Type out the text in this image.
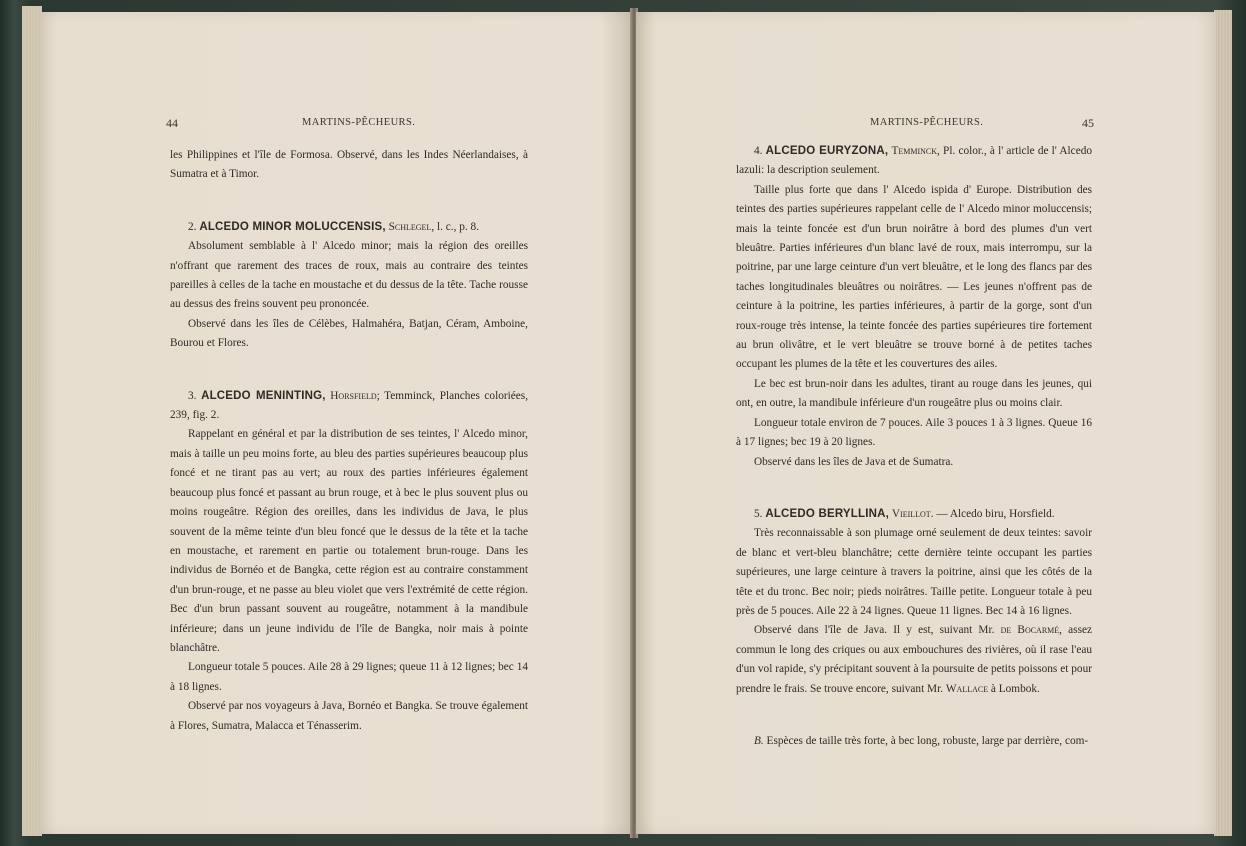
44	MARTINS-PÊCHEURS.

les Philippines et l'île de Formosa. Observé, dans les Indes Néerlandaises, à Sumatra et à Timor.

2. ALCEDO MINOR MOLUCCENSIS, Schlegel, l. c., p. 8.

Absolument semblable à l' Alcedo minor; mais la région des oreilles n'offrant que rarement des traces de roux, mais au contraire des teintes pareilles à celles de la tache en moustache et du dessus de la tête. Tache rousse au dessus des freins souvent peu prononcée.

Observé dans les îles de Célèbes, Halmahéra, Batjan, Céram, Amboine, Bourou et Flores.

3. ALCEDO MENINTING, Horsfield; Temminck, Planches coloriées, 239, fig. 2.

Rappelant en général et par la distribution de ses teintes, l' Alcedo minor, mais à taille un peu moins forte, au bleu des parties supérieures beaucoup plus foncé et ne tirant pas au vert; au roux des parties inférieures également beaucoup plus foncé et passant au brun rouge, et à bec le plus souvent plus ou moins rougeâtre. Région des oreilles, dans les individus de Java, le plus souvent de la même teinte d'un bleu foncé que le dessus de la tête et la tache en moustache, et rarement en partie ou totalement brun-rouge. Dans les individus de Bornéo et de Bangka, cette région est au contraire constamment d'un brun-rouge, et ne passe au bleu violet que vers l'extrémité de cette région. Bec d'un brun passant souvent au rougeâtre, notamment à la mandibule inférieure; dans un jeune individu de l'île de Bangka, noir mais à pointe blanchâtre.

Longueur totale 5 pouces. Aile 28 à 29 lignes; queue 11 à 12 lignes; bec 14 à 18 lignes.

Observé par nos voyageurs à Java, Bornéo et Bangka. Se trouve également à Flores, Sumatra, Malacca et Ténasserim.

MARTINS-PÊCHEURS.	45

4. ALCEDO EURYZONA, Temminck, Pl. color., à l' article de l' Alcedo lazuli: la description seulement.

Taille plus forte que dans l' Alcedo ispida d' Europe. Distribution des teintes des parties supérieures rappelant celle de l' Alcedo minor moluccensis; mais la teinte foncée est d'un brun noirâtre à bord des plumes d'un vert bleuâtre. Parties inférieures d'un blanc lavé de roux, mais interrompu, sur la poitrine, par une large ceinture d'un vert bleuâtre, et le long des flancs par des taches longitudinales bleuâtres ou noirâtres. — Les jeunes n'offrent pas de ceinture à la poitrine, les parties inférieures, à partir de la gorge, sont d'un roux-rouge très intense, la teinte foncée des parties supérieures tire fortement au brun olivâtre, et le vert bleuâtre se trouve borné à de petites taches occupant les plumes de la tête et les couvertures des ailes.

Le bec est brun-noir dans les adultes, tirant au rouge dans les jeunes, qui ont, en outre, la mandibule inférieure d'un rougeâtre plus ou moins clair.

Longueur totale environ de 7 pouces. Aile 3 pouces 1 à 3 lignes. Queue 16 à 17 lignes; bec 19 à 20 lignes.

Observé dans les îles de Java et de Sumatra.

5. ALCEDO BERYLLINA, Vieillot. — Alcedo biru, Horsfield.

Très reconnaissable à son plumage orné seulement de deux teintes: savoir de blanc et vert-bleu blanchâtre; cette dernière teinte occupant les parties supérieures, une large ceinture à travers la poitrine, ainsi que les côtés de la tête et du tronc. Bec noir; pieds noirâtres. Taille petite. Longueur totale à peu près de 5 pouces. Aile 22 à 24 lignes. Queue 11 lignes. Bec 14 à 16 lignes.

Observé dans l'île de Java. Il y est, suivant Mr. de Bocarmé, assez commun le long des criques ou aux embouchures des rivières, où il rase l'eau d'un vol rapide, s'y précipitant souvent à la poursuite de petits poissons et pour prendre le frais. Se trouve encore, suivant Mr. Wallace à Lombok.

B. Espèces de taille très forte, à bec long, robuste, large par derrière, com-
